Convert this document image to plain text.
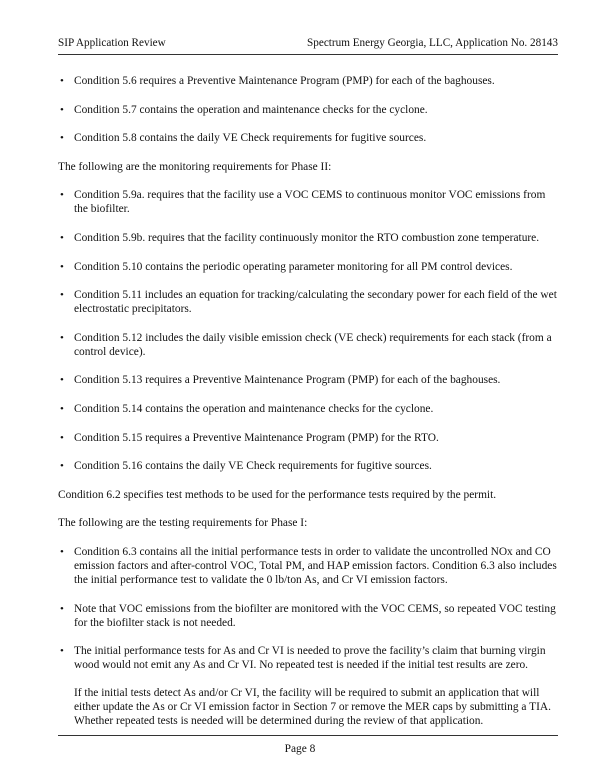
SIP Application Review	Spectrum Energy Georgia, LLC, Application No. 28143
• Condition 5.6 requires a Preventive Maintenance Program (PMP) for each of the baghouses.
• Condition 5.7 contains the operation and maintenance checks for the cyclone.
• Condition 5.8 contains the daily VE Check requirements for fugitive sources.

The following are the monitoring requirements for Phase II:

• Condition 5.9a. requires that the facility use a VOC CEMS to continuous monitor VOC emissions from the biofilter.
• Condition 5.9b. requires that the facility continuously monitor the RTO combustion zone temperature.
• Condition 5.10 contains the periodic operating parameter monitoring for all PM control devices.
• Condition 5.11 includes an equation for tracking/calculating the secondary power for each field of the wet electrostatic precipitators.
• Condition 5.12 includes the daily visible emission check (VE check) requirements for each stack (from a control device).
• Condition 5.13 requires a Preventive Maintenance Program (PMP) for each of the baghouses.
• Condition 5.14 contains the operation and maintenance checks for the cyclone.
• Condition 5.15 requires a Preventive Maintenance Program (PMP) for the RTO.
• Condition 5.16 contains the daily VE Check requirements for fugitive sources.

Condition 6.2 specifies test methods to be used for the performance tests required by the permit.

The following are the testing requirements for Phase I:

• Condition 6.3 contains all the initial performance tests in order to validate the uncontrolled NOx and CO emission factors and after-control VOC, Total PM, and HAP emission factors. Condition 6.3 also includes the initial performance test to validate the 0 lb/ton As, and Cr VI emission factors.
• Note that VOC emissions from the biofilter are monitored with the VOC CEMS, so repeated VOC testing for the biofilter stack is not needed.
• The initial performance tests for As and Cr VI is needed to prove the facility’s claim that burning virgin wood would not emit any As and Cr VI. No repeated test is needed if the initial test results are zero.
If the initial tests detect As and/or Cr VI, the facility will be required to submit an application that will either update the As or Cr VI emission factor in Section 7 or remove the MER caps by submitting a TIA. Whether repeated tests is needed will be determined during the review of that application.
Page 8
